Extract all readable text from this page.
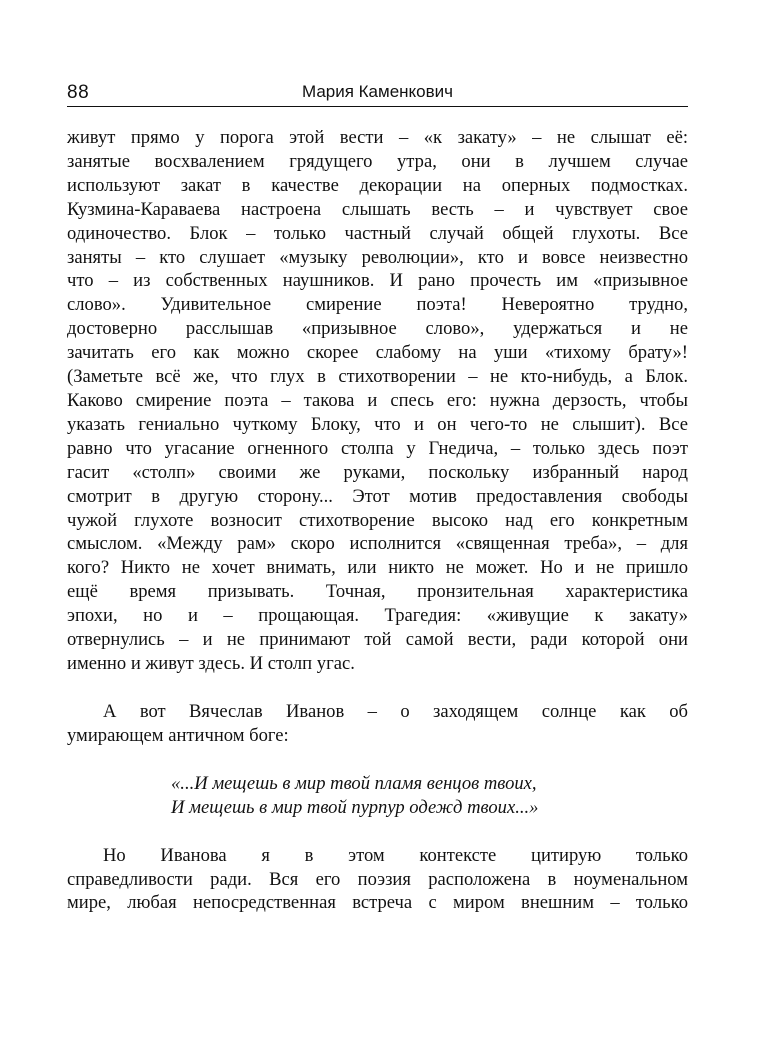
88	Мария Каменкович

живут прямо у порога этой вести – «к закату» – не слышат её:
занятые восхвалением грядущего утра, они в лучшем случае
используют закат в качестве декорации на оперных подмостках.
Кузмина-Караваева настроена слышать весть – и чувствует свое
одиночество. Блок – только частный случай общей глухоты. Все
заняты – кто слушает «музыку революции», кто и вовсе неизвестно
что – из собственных наушников. И рано прочесть им «призывное
слово». Удивительное смирение поэта! Невероятно трудно,
достоверно расслышав «призывное слово», удержаться и не
зачитать его как можно скорее слабому на уши «тихому брату»!
(Заметьте всё же, что глух в стихотворении – не кто-нибудь, а Блок.
Каково смирение поэта – такова и спесь его: нужна дерзость, чтобы
указать гениально чуткому Блоку, что и он чего-то не слышит). Все
равно что угасание огненного столпа у Гнедича, – только здесь поэт
гасит «столп» своими же руками, поскольку избранный народ
смотрит в другую сторону... Этот мотив предоставления свободы
чужой глухоте возносит стихотворение высоко над его конкретным
смыслом. «Между рам» скоро исполнится «священная треба», – для
кого? Никто не хочет внимать, или никто не может. Но и не пришло
ещё время призывать. Точная, пронзительная характеристика
эпохи, но и – прощающая. Трагедия: «живущие к закату»
отвернулись – и не принимают той самой вести, ради которой они
именно и живут здесь. И столп угас.

А вот Вячеслав Иванов – о заходящем солнце как об
умирающем античном боге:

«...И мещешь в мир твой пламя венцов твоих,
И мещешь в мир твой пурпур одежд твоих...»

Но Иванова я в этом контексте цитирую только
справедливости ради. Вся его поэзия расположена в ноуменальном
мире, любая непосредственная встреча с миром внешним – только
